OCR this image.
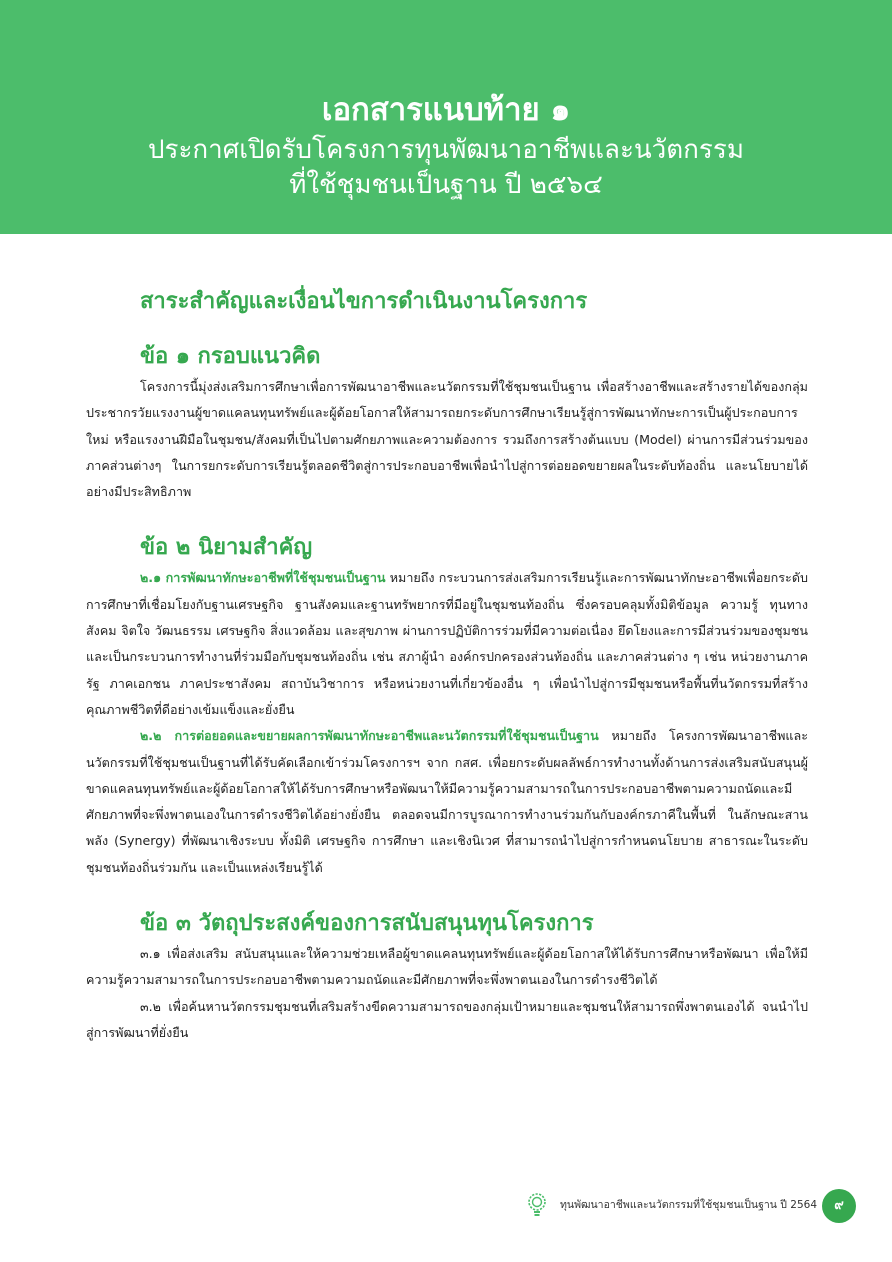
เอกสารแนบท้าย ๑
ประกาศเปิดรับโครงการทุนพัฒนาอาชีพและนวัตกรรม
ที่ใช้ชุมชนเป็นฐาน ปี ๒๕๖๔
สาระสำคัญและเงื่อนไขการดำเนินงานโครงการ
ข้อ ๑ กรอบแนวคิด

โครงการนี้มุ่งส่งเสริมการศึกษาเพื่อการพัฒนาอาชีพและนวัตกรรมที่ใช้ชุมชนเป็นฐาน เพื่อสร้างอาชีพและสร้างรายได้ของกลุ่มประชากรวัยแรงงานผู้ขาดแคลนทุนทรัพย์และผู้ด้อยโอกาสให้สามารถยกระดับการศึกษาเรียนรู้สู่การพัฒนาทักษะการเป็นผู้ประกอบการใหม่ หรือแรงงานฝีมือในชุมชน/สังคมที่เป็นไปตามศักยภาพและความต้องการ รวมถึงการสร้างต้นแบบ (Model) ผ่านการมีส่วนร่วมของภาคส่วนต่างๆ ในการยกระดับการเรียนรู้ตลอดชีวิตสู่การประกอบอาชีพเพื่อนำไปสู่การต่อยอดขยายผลในระดับท้องถิ่น และนโยบายได้อย่างมีประสิทธิภาพ

ข้อ ๒ นิยามสำคัญ

๒.๑ การพัฒนาทักษะอาชีพที่ใช้ชุมชนเป็นฐาน หมายถึง กระบวนการส่งเสริมการเรียนรู้และการพัฒนาทักษะอาชีพเพื่อยกระดับการศึกษาที่เชื่อมโยงกับฐานเศรษฐกิจ ฐานสังคมและฐานทรัพยากรที่มีอยู่ในชุมชนท้องถิ่น ซึ่งครอบคลุมทั้งมิติข้อมูล ความรู้ ทุนทางสังคม จิตใจ วัฒนธรรม เศรษฐกิจ สิ่งแวดล้อม และสุขภาพ ผ่านการปฏิบัติการร่วมที่มีความต่อเนื่อง ยึดโยงและการมีส่วนร่วมของชุมชน และเป็นกระบวนการทำงานที่ร่วมมือกับชุมชนท้องถิ่น เช่น สภาผู้นำ องค์กรปกครองส่วนท้องถิ่น และภาคส่วนต่าง ๆ เช่น หน่วยงานภาครัฐ ภาคเอกชน ภาคประชาสังคม สถาบันวิชาการ หรือหน่วยงานที่เกี่ยวข้องอื่น ๆ เพื่อนำไปสู่การมีชุมชนหรือพื้นที่นวัตกรรมที่สร้างคุณภาพชีวิตที่ดีอย่างเข้มแข็งและยั่งยืน

๒.๒ การต่อยอดและขยายผลการพัฒนาทักษะอาชีพและนวัตกรรมที่ใช้ชุมชนเป็นฐาน หมายถึง โครงการพัฒนาอาชีพและนวัตกรรมที่ใช้ชุมชนเป็นฐานที่ได้รับคัดเลือกเข้าร่วมโครงการฯ จาก กสศ. เพื่อยกระดับผลลัพธ์การทำงานทั้งด้านการส่งเสริมสนับสนุนผู้ขาดแคลนทุนทรัพย์และผู้ด้อยโอกาสให้ได้รับการศึกษาหรือพัฒนาให้มีความรู้ความสามารถในการประกอบอาชีพตามความถนัดและมีศักยภาพที่จะพึ่งพาตนเองในการดำรงชีวิตได้อย่างยั่งยืน ตลอดจนมีการบูรณาการทำงานร่วมกันกับองค์กรภาคีในพื้นที่ ในลักษณะสานพลัง (Synergy) ที่พัฒนาเชิงระบบ ทั้งมิติ เศรษฐกิจ การศึกษา และเชิงนิเวศ ที่สามารถนำไปสู่การกำหนดนโยบาย สาธารณะในระดับชุมชนท้องถิ่นร่วมกัน และเป็นแหล่งเรียนรู้ได้

ข้อ ๓ วัตถุประสงค์ของการสนับสนุนทุนโครงการ

๓.๑ เพื่อส่งเสริม สนับสนุนและให้ความช่วยเหลือผู้ขาดแคลนทุนทรัพย์และผู้ด้อยโอกาสให้ได้รับการศึกษาหรือพัฒนา เพื่อให้มีความรู้ความสามารถในการประกอบอาชีพตามความถนัดและมีศักยภาพที่จะพึ่งพาตนเองในการดำรงชีวิตได้

๓.๒ เพื่อค้นหานวัตกรรมชุมชนที่เสริมสร้างขีดความสามารถของกลุ่มเป้าหมายและชุมชนให้สามารถพึ่งพาตนเองได้ จนนำไปสู่การพัฒนาที่ยั่งยืน

ทุนพัฒนาอาชีพและนวัตกรรมที่ใช้ชุมชนเป็นฐาน ปี 2564	๙
